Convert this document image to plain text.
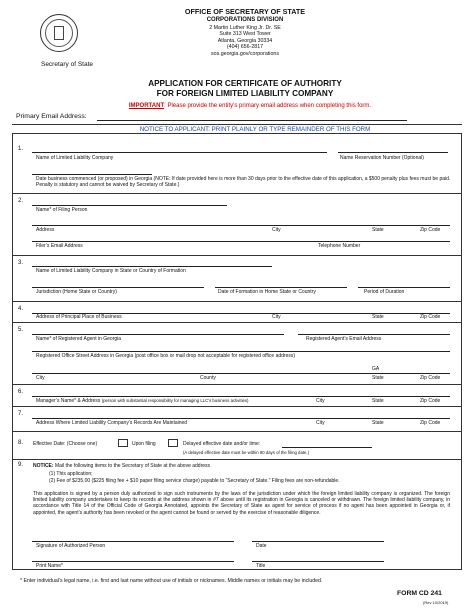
Secretary of State
OFFICE OF SECRETARY OF STATE
CORPORATIONS DIVISION
2 Martin Luther King Jr. Dr. SE
Suite 313 West Tower
Atlanta, Georgia 30334
(404) 656-2817
sos.georgia.gov/corporations
APPLICATION FOR CERTIFICATE OF AUTHORITY
FOR FOREIGN LIMITED LIABILITY COMPANY
IMPORTANT: Please provide the entity’s primary email address when completing this form.
Primary Email Address:
NOTICE TO APPLICANT: PRINT PLAINLY OR TYPE REMAINDER OF THIS FORM
1.
Name of Limited Liability Company	Name Reservation Number (Optional)
Date business commenced (or proposed) in Georgia (NOTE: If date provided here is more than 30 days prior to the effective date of this application, a $500 penalty plus fees must be paid. Penalty is statutory and cannot be waived by Secretary of State.)
2.
Name* of Filing Person
Address	City	State	Zip Code
Filer’s Email Address	Telephone Number
3.
Name of Limited Liability Company in State or Country of Formation
Jurisdiction (Home State or Country)	Date of Formation in Home State or Country	Period of Duration
4.
Address of Principal Place of Business	City	State	Zip Code
5.
Name* of Registered Agent in Georgia	Registered Agent’s Email Address
Registered Office Street Address in Georgia (post office box or mail drop not acceptable for registered office address)
GA
City	County	State	Zip Code
6.
Manager’s Name* & Address (person with substantial responsibility for managing LLC’s business activities)	City	State	Zip Code
7.
Address Where Limited Liability Company’s Records Are Maintained	City	State	Zip Code
8. Effective Date: (Choose one)	Upon filing	Delayed effective date and/or time:
(A delayed effective date must be within 90 days of the filing date.)
9. NOTICE: Mail the following items to the Secretary of State at the above address
(1) This application;
(2) Fee of $235.00 ($225 filing fee + $10 paper filing service charge) payable to “Secretary of State.” Filing fees are non-refundable.
This application is signed by a person duly authorized to sign such instruments by the laws of the jurisdiction under which the foreign limited liability company is organized. The foreign limited liability company undertakes to keep its records at the address shown in #7 above until its registration in Georgia is canceled or withdrawn. The foreign limited liability company, in accordance with Title 14 of the Official Code of Georgia Annotated, appoints the Secretary of State as agent for service of process if no agent has been appointed in Georgia or, if appointed, the agent’s authority has been revoked or the agent cannot be found or served by the exercise of reasonable diligence.
Signature of Authorized Person	Date
Print Name*	Title
* Enter individual’s legal name, i.e. first and last name without use of initials or nicknames. Middle names or initials may be included.
FORM CD 241
(Rev 10/2019)
